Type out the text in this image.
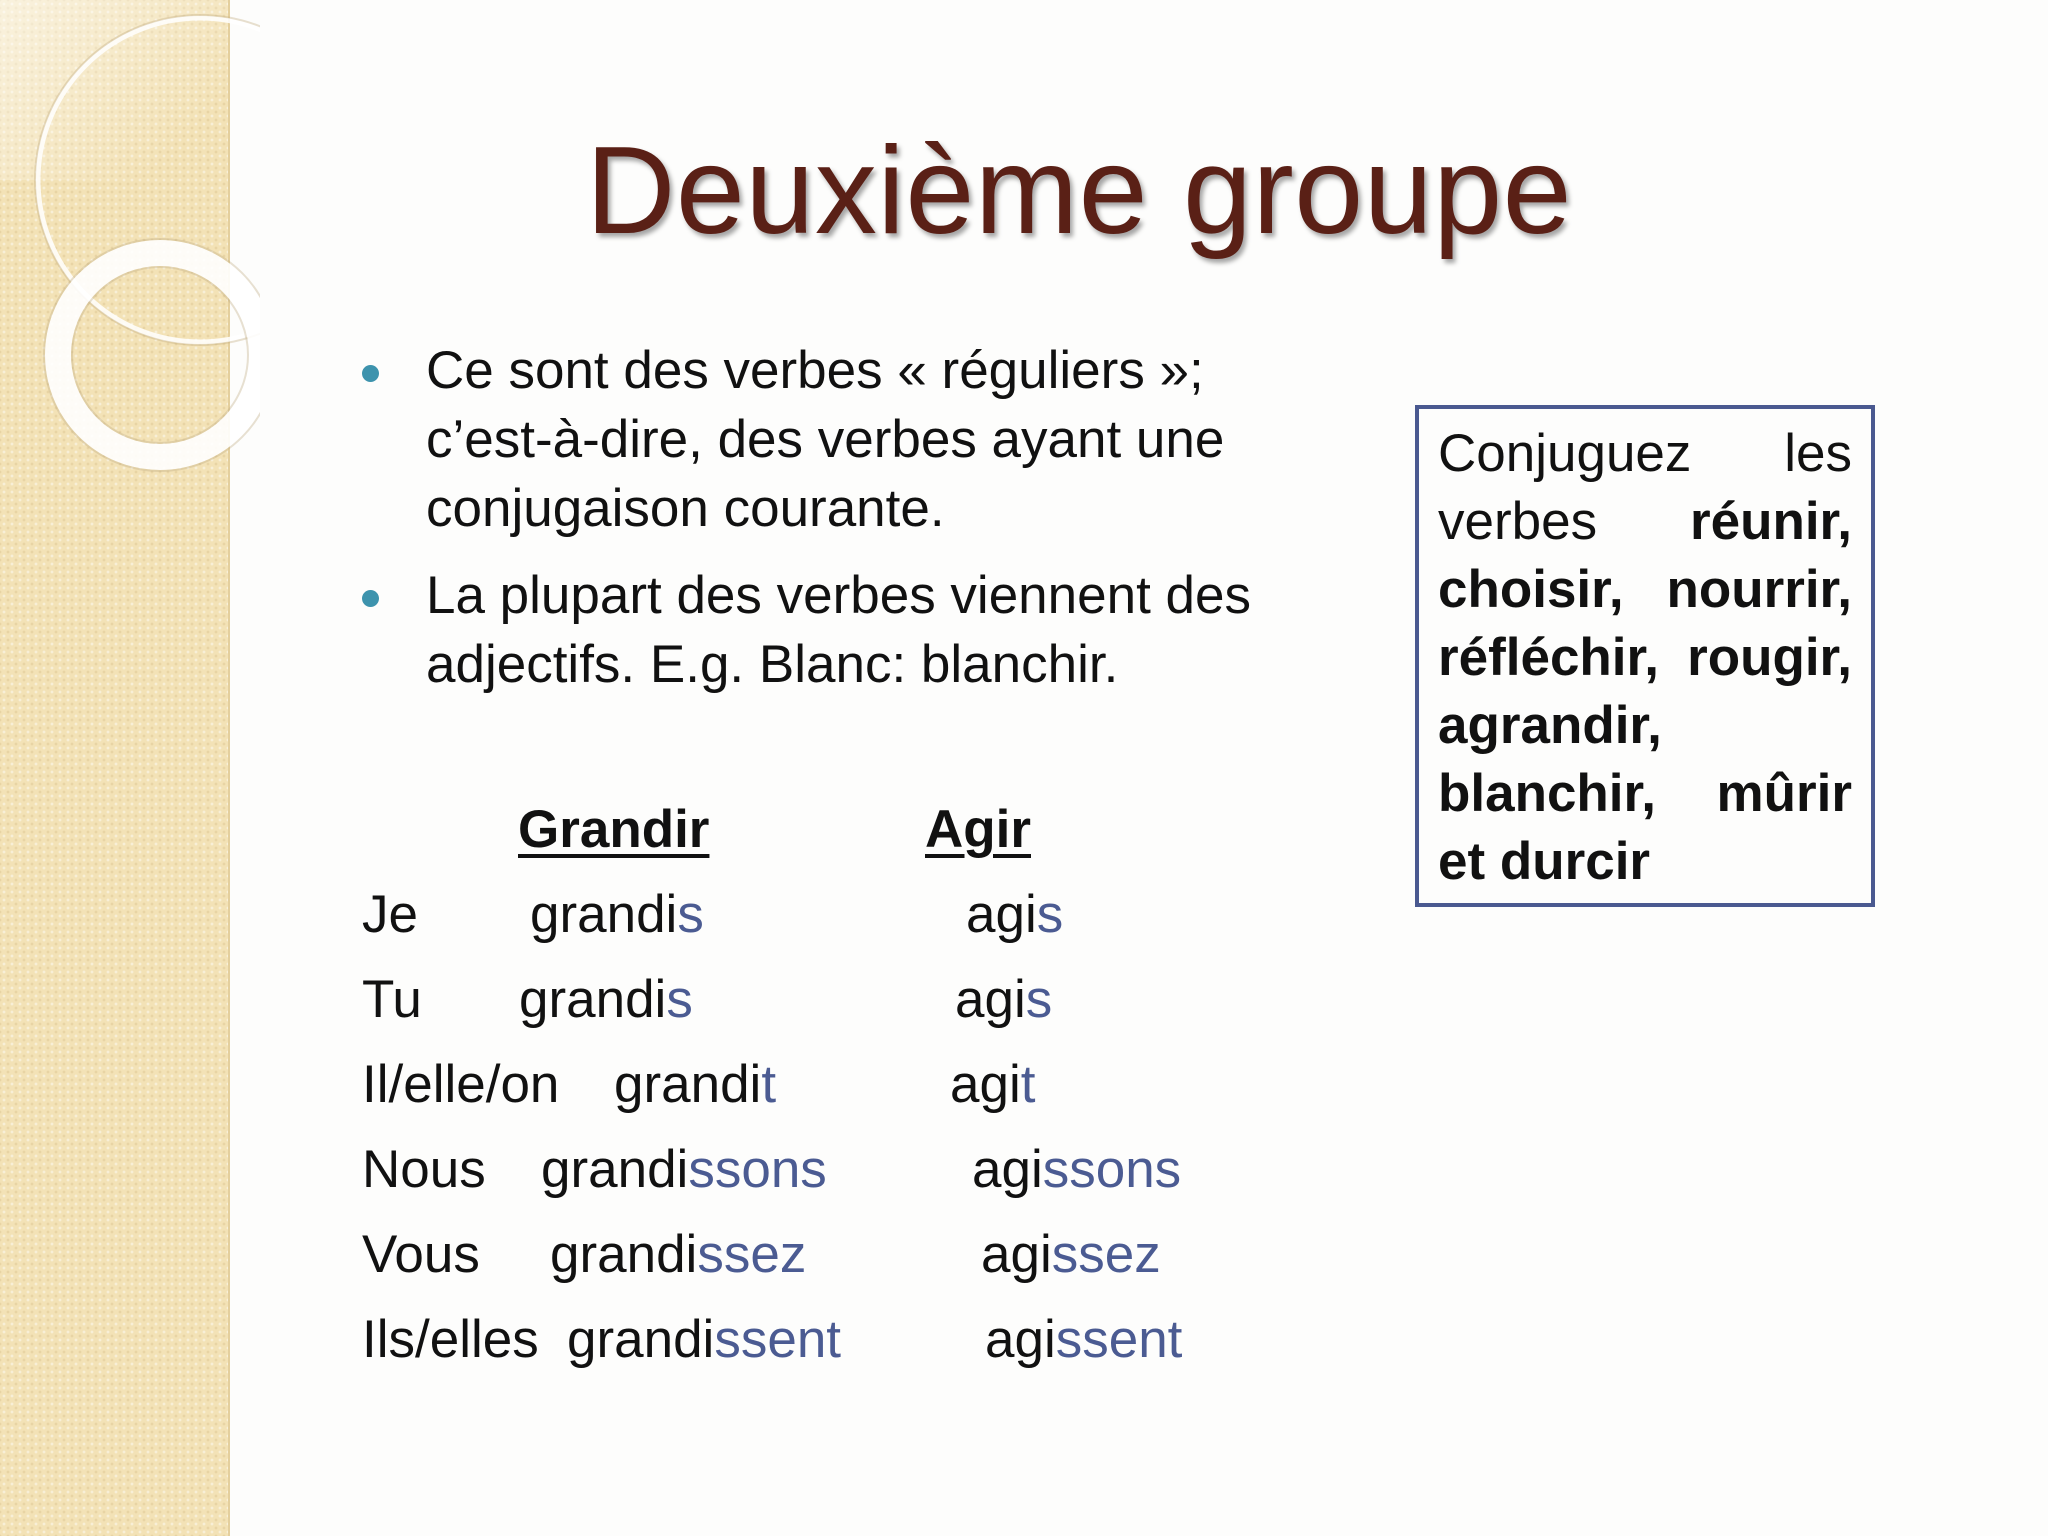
Deuxième groupe
Ce sont des verbes « réguliers »; c’est-à-dire, des verbes ayant une conjugaison courante.
La plupart des verbes viennent des adjectifs. E.g. Blanc: blanchir.
Grandir	Agir
Je grandis	agis
Tu grandis	agis
Il/elle/on grandit	agit
Nous grandissons	agissons
Vous grandissez	agissez
Ils/elles grandissent	agissent
Conjuguez les verbes réunir, choisir, nourrir, réfléchir, rougir, agrandir, blanchir, mûrir et durcir
